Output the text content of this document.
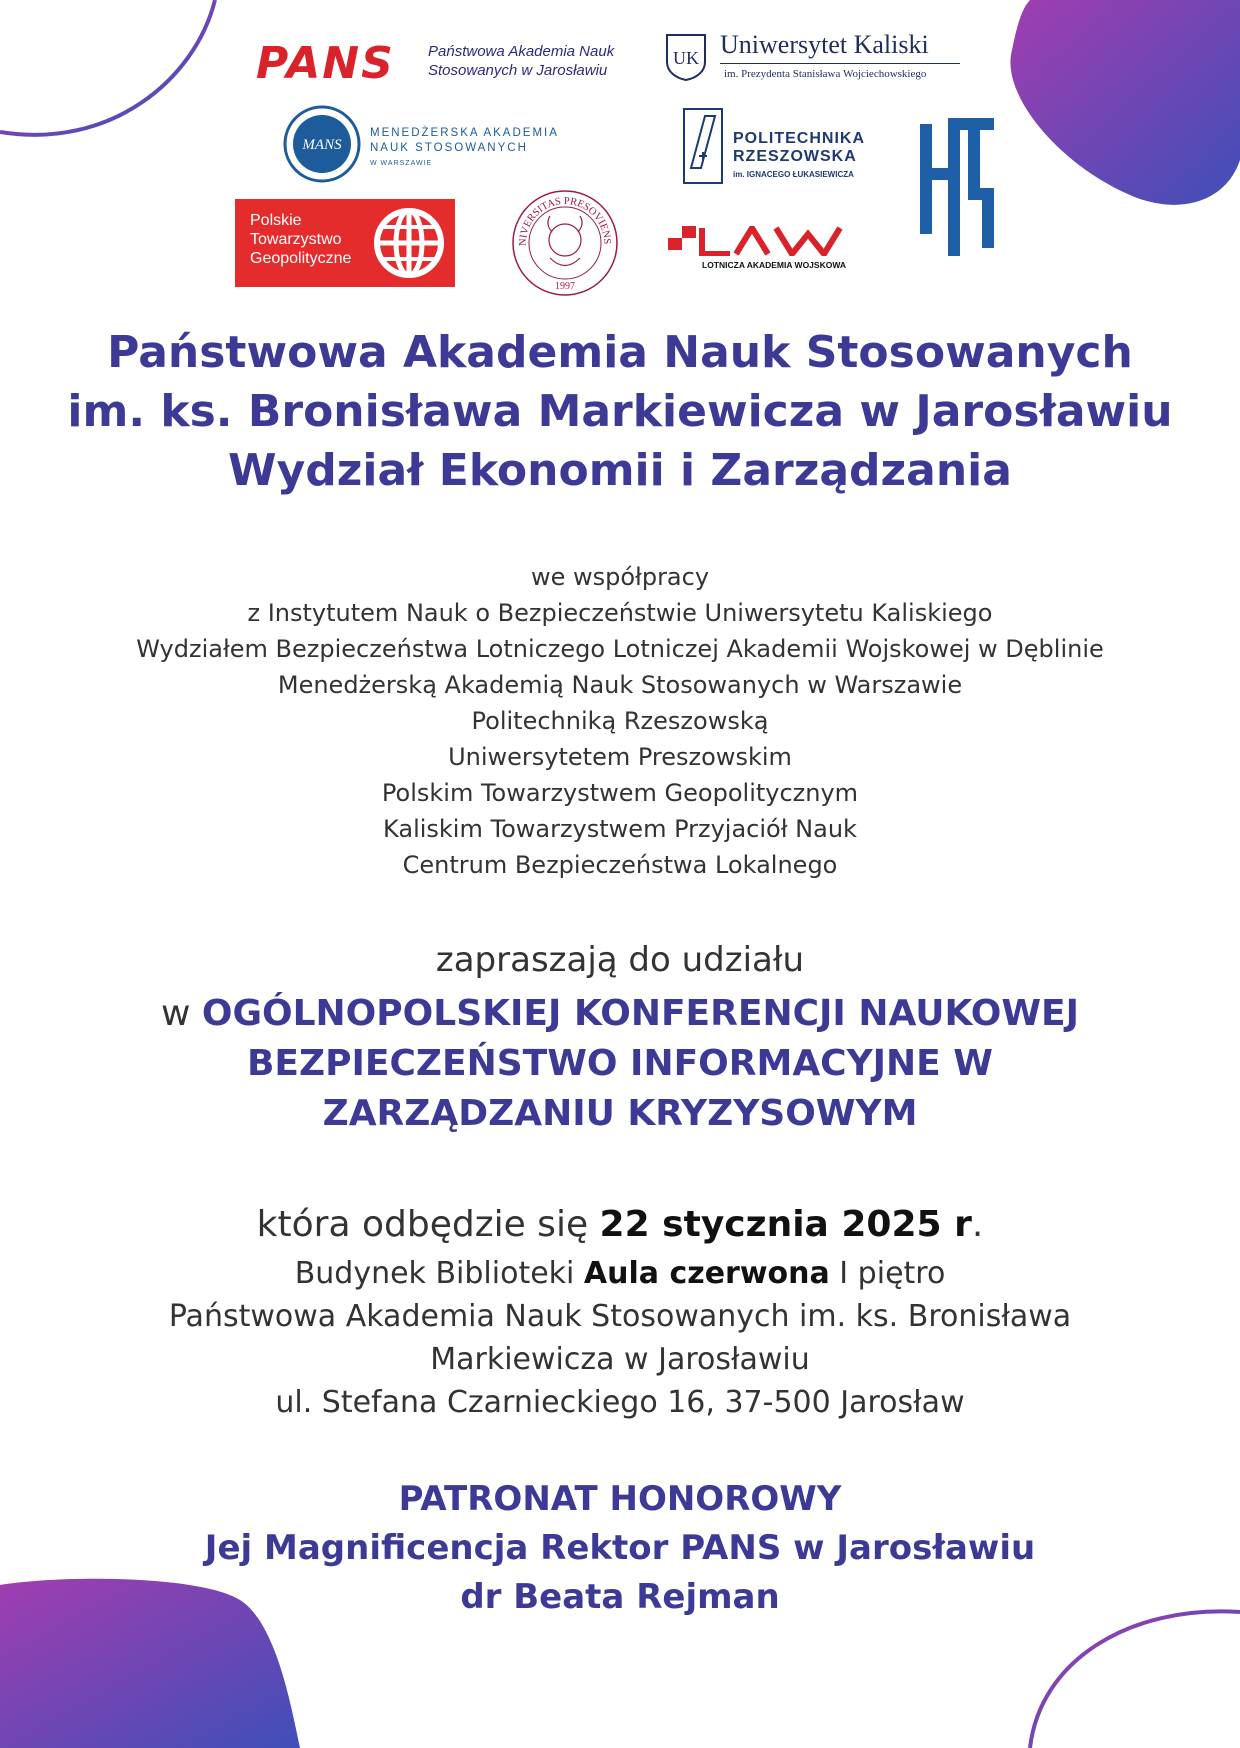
PANS Państwowa Akademia Nauk
Stosowanych w Jarosławiu
UK Uniwersytet Kaliski
im. Prezydenta Stanisława Wojciechowskiego
MANS
MENEDŻERSKA AKADEMIA
NAUK STOSOWANYCH
W WARSZAWIE
POLITECHNIKA
RZESZOWSKA
im. IGNACEGO ŁUKASIEWICZA
KTPN
Polskie
Towarzystwo
Geopolityczne
NIVERSITAS PRESOVIENS
1997
LOTNICZA AKADEMIA WOJSKOWA
Państwowa Akademia Nauk Stosowanych
im. ks. Bronisława Markiewicza w Jarosławiu
Wydział Ekonomii i Zarządzania
we współpracy
z Instytutem Nauk o Bezpieczeństwie Uniwersytetu Kaliskiego
Wydziałem Bezpieczeństwa Lotniczego Lotniczej Akademii Wojskowej w Dęblinie
Menedżerską Akademią Nauk Stosowanych w Warszawie
Politechniką Rzeszowską
Uniwersytetem Preszowskim
Polskim Towarzystwem Geopolitycznym
Kaliskim Towarzystwem Przyjaciół Nauk
Centrum Bezpieczeństwa Lokalnego
zapraszają do udziału
w OGÓLNOPOLSKIEJ KONFERENCJI NAUKOWEJ
BEZPIECZEŃSTWO INFORMACYJNE W
ZARZĄDZANIU KRYZYSOWYM
która odbędzie się 22 stycznia 2025 r.
Budynek Biblioteki Aula czerwona I piętro
Państwowa Akademia Nauk Stosowanych im. ks. Bronisława
Markiewicza w Jarosławiu
ul. Stefana Czarnieckiego 16, 37-500 Jarosław
PATRONAT HONOROWY
Jej Magnificencja Rektor PANS w Jarosławiu
dr Beata Rejman
